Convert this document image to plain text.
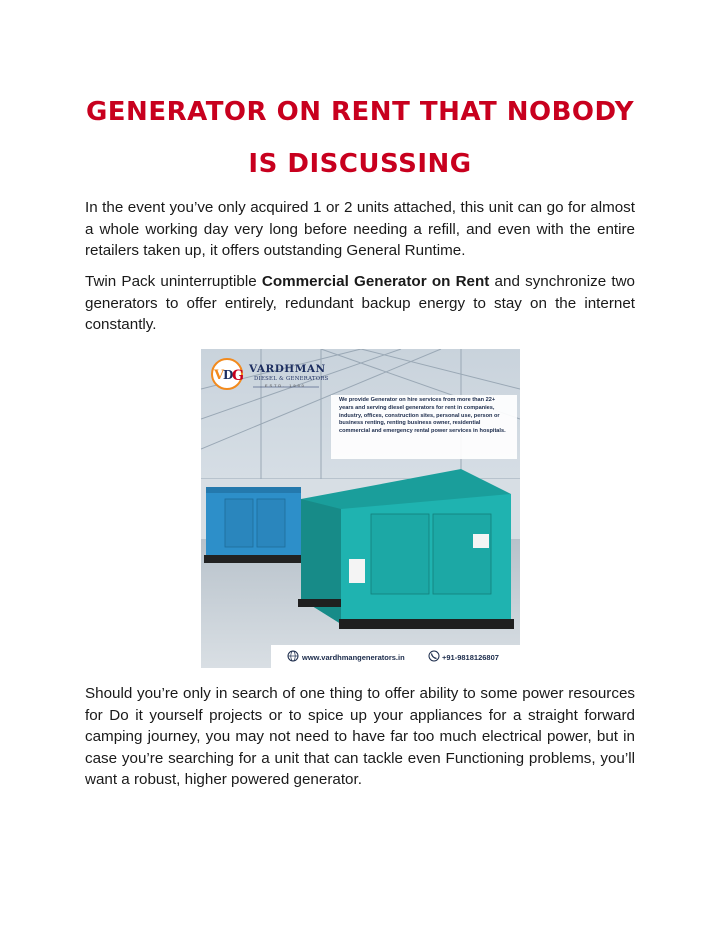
GENERATOR ON RENT THAT NOBODY
IS DISCUSSING

In the event you’ve only acquired 1 or 2 units attached, this unit can go for almost a whole working day very long before needing a refill, and even with the entire retailers taken up, it offers outstanding General Runtime.

Twin Pack uninterruptible Commercial Generator on Rent and synchronize two generators to offer entirely, redundant backup energy to stay on the internet constantly.

V
D
G VARDHMAN
DIESEL & GENERATORS
ESTD. 1990
We provide Generator on hire services from more than 22+ years and serving diesel generators for rent in companies, industry, offices, construction sites, personal use, person or business renting, renting business owner, residential commercial and emergency rental power services in hospitals.
www.vardhmangenerators.in	+91-9818126807

Should you’re only in search of one thing to offer ability to some power resources for Do it yourself projects or to spice up your appliances for a straight forward camping journey, you may not need to have far too much electrical power, but in case you’re searching for a unit that can tackle even Functioning problems, you’ll want a robust, higher powered generator.
